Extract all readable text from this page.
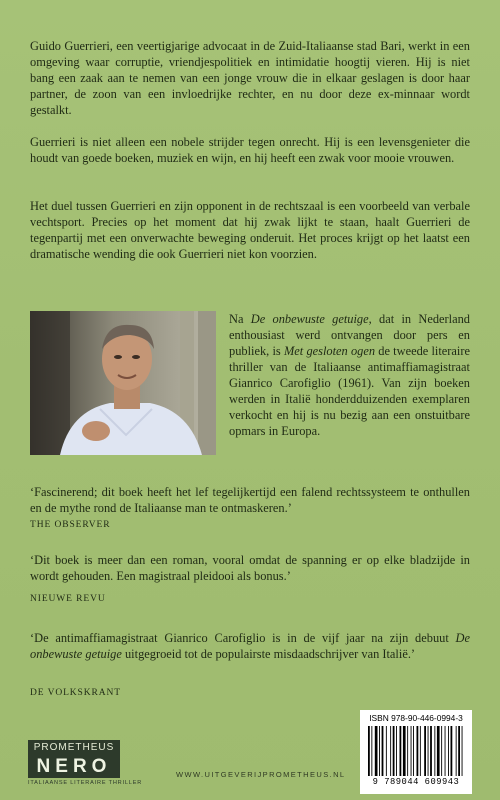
Guido Guerrieri, een veertigjarige advocaat in de Zuid-Italiaanse stad Bari, werkt in een omgeving waar corruptie, vriendjespolitiek en intimidatie hoogtij vieren. Hij is niet bang een zaak aan te nemen van een jonge vrouw die in elkaar geslagen is door haar partner, de zoon van een invloedrijke rechter, en nu door deze ex-minnaar wordt gestalkt.

Guerrieri is niet alleen een nobele strijder tegen onrecht. Hij is een levensgenieter die houdt van goede boeken, muziek en wijn, en hij heeft een zwak voor mooie vrouwen.

Het duel tussen Guerrieri en zijn opponent in de rechtszaal is een voorbeeld van verbale vechtsport. Precies op het moment dat hij zwak lijkt te staan, haalt Guerrieri de tegenpartij met een onverwachte beweging onderuit. Het proces krijgt op het laatst een dramatische wending die ook Guerrieri niet kon voorzien.

Na De onbewuste getuige, dat in Nederland enthousiast werd ontvangen door pers en publiek, is Met gesloten ogen de tweede literaire thriller van de Italiaanse antimaffiamagistraat Gianrico Carofiglio (1961). Van zijn boeken werden in Italië honderdduizenden exemplaren verkocht en hij is nu bezig aan een onstuitbare opmars in Europa.

‘Fascinerend; dit boek heeft het lef tegelijkertijd een falend rechtssysteem te onthullen en de mythe rond de Italiaanse man te ontmaskeren.’

THE OBSERVER

‘Dit boek is meer dan een roman, vooral omdat de spanning er op elke bladzijde in wordt gehouden. Een magistraal pleidooi als bonus.’

NIEUWE REVU

‘De antimaffiamagistraat Gianrico Carofiglio is in de vijf jaar na zijn debuut De onbewuste getuige uitgegroeid tot de populairste misdaadschrijver van Italië.’

DE VOLKSKRANT

PROMETHEUS
NERO
ITALIAANSE LITERAIRE THRILLER
WWW.UITGEVERIJPROMETHEUS.NL
ISBN 978-90-446-0994-3
9 789044 609943
